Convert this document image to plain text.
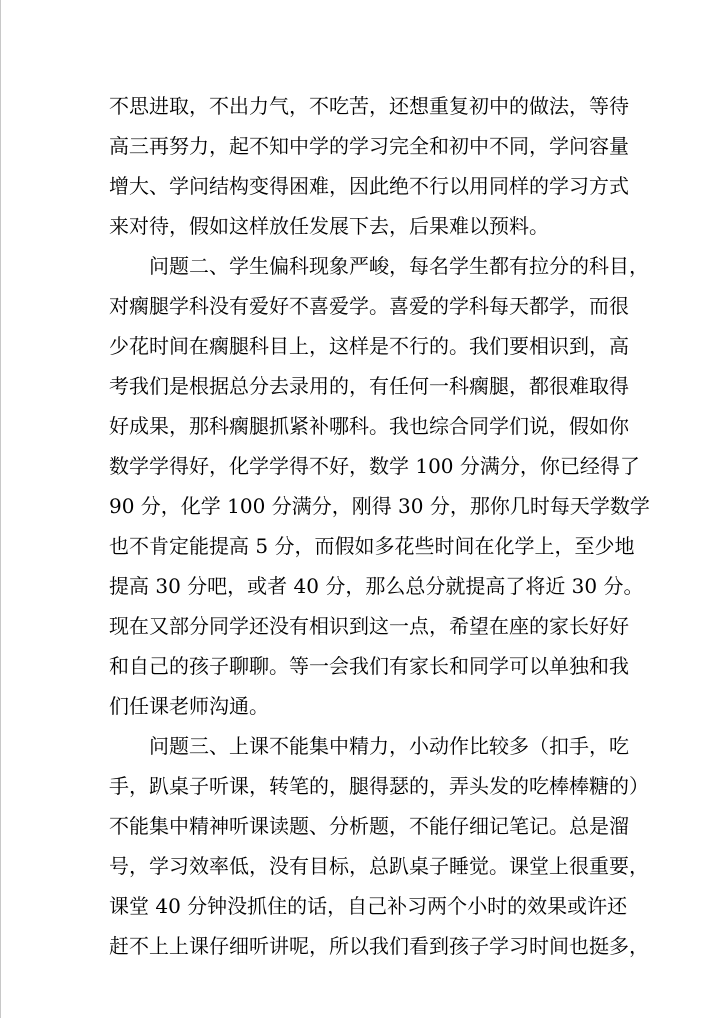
不思进取，不出力气，不吃苦，还想重复初中的做法，等待
高三再努力，起不知中学的学习完全和初中不同，学问容量
增大、学问结构变得困难，因此绝不行以用同样的学习方式
来对待，假如这样放任发展下去，后果难以预料。
问题二、学生偏科现象严峻，每名学生都有拉分的科目，
对瘸腿学科没有爱好不喜爱学。喜爱的学科每天都学，而很
少花时间在瘸腿科目上，这样是不行的。我们要相识到，高
考我们是根据总分去录用的，有任何一科瘸腿，都很难取得
好成果，那科瘸腿抓紧补哪科。我也综合同学们说，假如你
数学学得好，化学学得不好，数学 100 分满分，你已经得了
90 分，化学 100 分满分，刚得 30 分，那你几时每天学数学
也不肯定能提高 5 分，而假如多花些时间在化学上，至少地
提高 30 分吧，或者 40 分，那么总分就提高了将近 30 分。
现在又部分同学还没有相识到这一点，希望在座的家长好好
和自己的孩子聊聊。等一会我们有家长和同学可以单独和我
们任课老师沟通。
问题三、上课不能集中精力，小动作比较多（扣手，吃
手，趴桌子听课，转笔的，腿得瑟的，弄头发的吃棒棒糖的）
不能集中精神听课读题、分析题，不能仔细记笔记。总是溜
号，学习效率低，没有目标，总趴桌子睡觉。课堂上很重要，
课堂 40 分钟没抓住的话，自己补习两个小时的效果或许还
赶不上上课仔细听讲呢，所以我们看到孩子学习时间也挺多，
